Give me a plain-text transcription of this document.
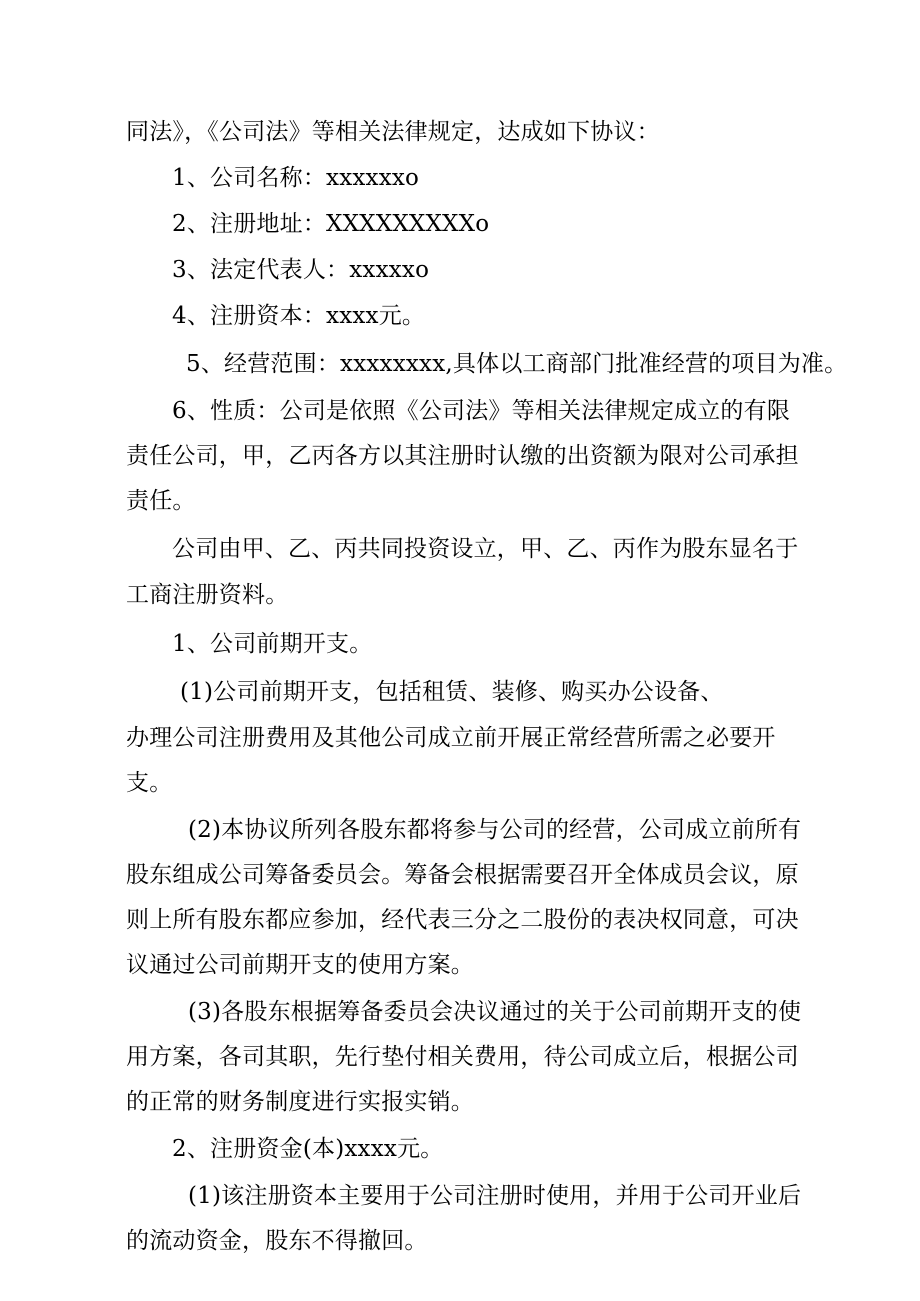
同法》，《公司法》等相关法律规定，达成如下协议：
1、公司名称：xxxxxxo
2、注册地址：XXXXXXXXXo
3、法定代表人：xxxxxo
4、注册资本：xxxx元。
5、经营范围：xxxxxxxx,具体以工商部门批准经营的项目为准。
6、性质：公司是依照《公司法》等相关法律规定成立的有限
责任公司，甲，乙丙各方以其注册时认缴的出资额为限对公司承担
责任。
公司由甲、乙、丙共同投资设立，甲、乙、丙作为股东显名于
工商注册资料。
1、公司前期开支。
(1)公司前期开支，包括租赁、装修、购买办公设备、
办理公司注册费用及其他公司成立前开展正常经营所需之必要开
支。
(2)本协议所列各股东都将参与公司的经营，公司成立前所有
股东组成公司筹备委员会。筹备会根据需要召开全体成员会议，原
则上所有股东都应参加，经代表三分之二股份的表决权同意，可决
议通过公司前期开支的使用方案。
(3)各股东根据筹备委员会决议通过的关于公司前期开支的使
用方案，各司其职，先行垫付相关费用，待公司成立后，根据公司
的正常的财务制度进行实报实销。
2、注册资金(本)xxxx元。
(1)该注册资本主要用于公司注册时使用，并用于公司开业后
的流动资金，股东不得撤回。
